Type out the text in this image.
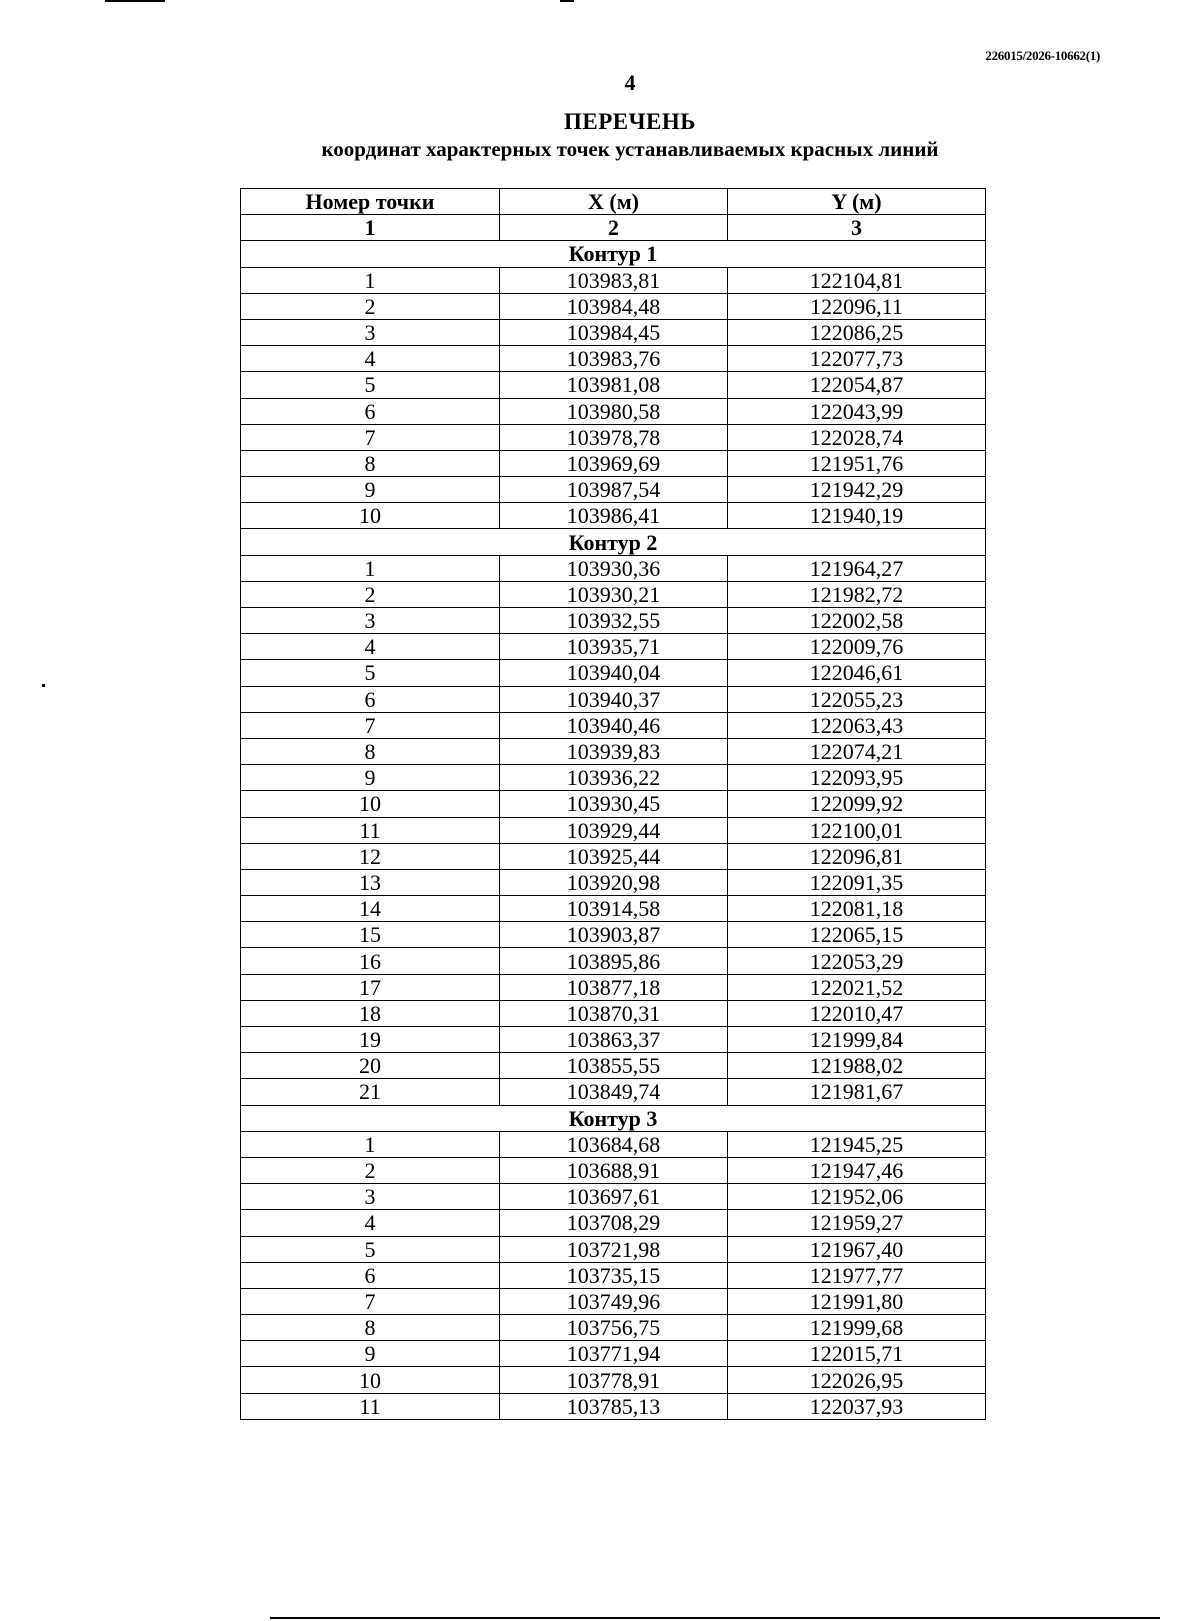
226015/2026-10662(1)
4
ПЕРЕЧЕНЬ
координат характерных точек устанавливаемых красных линий
Номер точки	X (м)	Y (м)
1	2	3
Контур 1		
1	103983,81	122104,81
2	103984,48	122096,11
3	103984,45	122086,25
4	103983,76	122077,73
5	103981,08	122054,87
6	103980,58	122043,99
7	103978,78	122028,74
8	103969,69	121951,76
9	103987,54	121942,29
10	103986,41	121940,19
Контур 2		
1	103930,36	121964,27
2	103930,21	121982,72
3	103932,55	122002,58
4	103935,71	122009,76
5	103940,04	122046,61
6	103940,37	122055,23
7	103940,46	122063,43
8	103939,83	122074,21
9	103936,22	122093,95
10	103930,45	122099,92
11	103929,44	122100,01
12	103925,44	122096,81
13	103920,98	122091,35
14	103914,58	122081,18
15	103903,87	122065,15
16	103895,86	122053,29
17	103877,18	122021,52
18	103870,31	122010,47
19	103863,37	121999,84
20	103855,55	121988,02
21	103849,74	121981,67
Контур 3		
1	103684,68	121945,25
2	103688,91	121947,46
3	103697,61	121952,06
4	103708,29	121959,27
5	103721,98	121967,40
6	103735,15	121977,77
7	103749,96	121991,80
8	103756,75	121999,68
9	103771,94	122015,71
10	103778,91	122026,95
11	103785,13	122037,93
